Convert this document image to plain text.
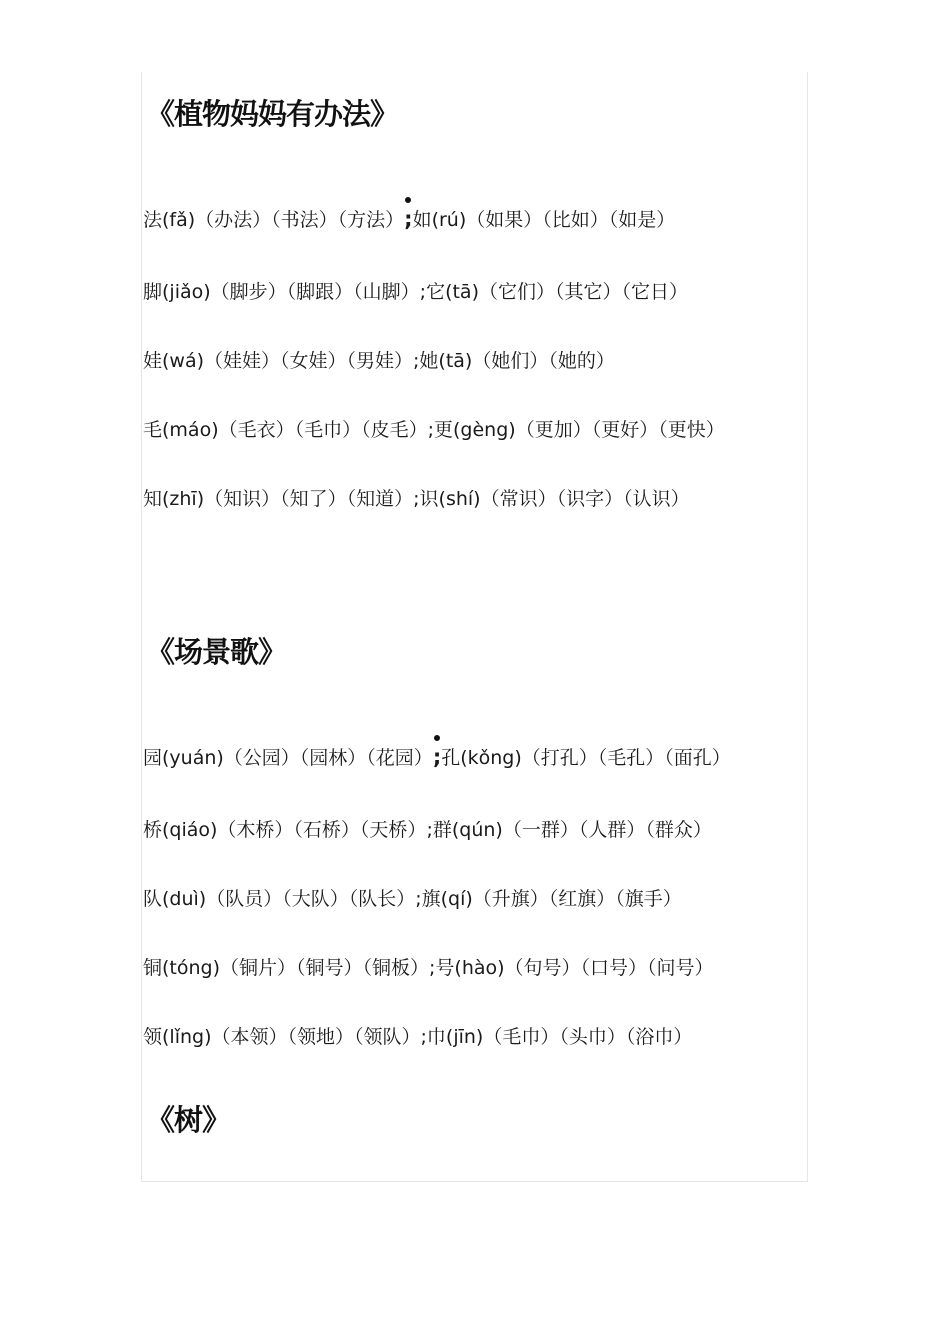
《植物妈妈有办法》

法(fǎ)（办法）（书法）（方法）
;如(rú)（如果）（比如）（如是）

脚(jiǎo)（脚步）（脚跟）（山脚）;它(tā)（它们）（其它）（它日）

娃(wá)（娃娃）（女娃）（男娃）;她(tā)（她们）（她的）

毛(máo)（毛衣）（毛巾）（皮毛）;更(gèng)（更加）（更好）（更快）

知(zhī)（知识）（知了）（知道）;识(shí)（常识）（识字）（认识）

《场景歌》

园(yuán)（公园）（园林）（花园）
;孔(kǒng)（打孔）（毛孔）（面孔）

桥(qiáo)（木桥）（石桥）（天桥）;群(qún)（一群）（人群）（群众）

队(duì)（队员）（大队）（队长）;旗(qí)（升旗）（红旗）（旗手）

铜(tóng)（铜片）（铜号）（铜板）;号(hào)（句号）（口号）（问号）

领(lǐng)（本领）（领地）（领队）;巾(jīn)（毛巾）（头巾）（浴巾）

《树》
